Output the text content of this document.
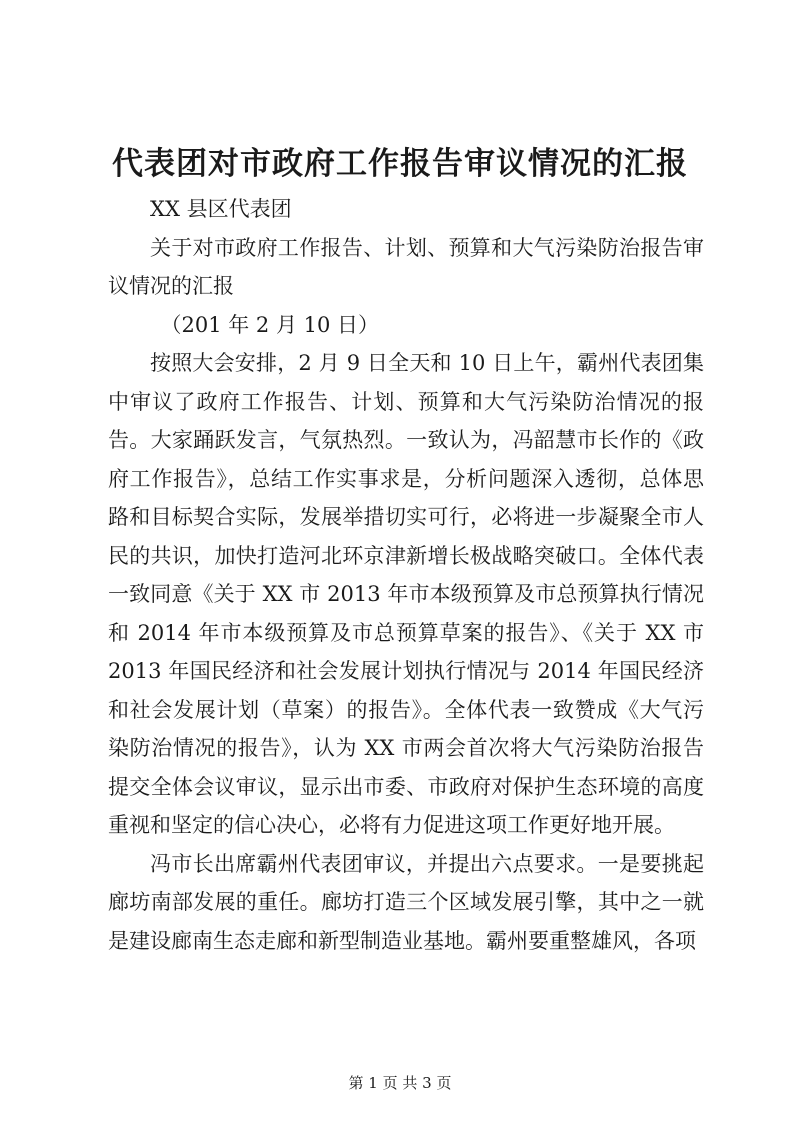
代表团对市政府工作报告审议情况的汇报

XX 县区代表团

关于对市政府工作报告、计划、预算和大气污染防治报告审议情况的汇报

（201 年 2 月 10 日）

按照大会安排，2 月 9 日全天和 10 日上午，霸州代表团集中审议了政府工作报告、计划、预算和大气污染防治情况的报告。大家踊跃发言，气氛热烈。一致认为，冯韶慧市长作的《政府工作报告》，总结工作实事求是，分析问题深入透彻，总体思路和目标契合实际，发展举措切实可行，必将进一步凝聚全市人民的共识，加快打造河北环京津新增长极战略突破口。全体代表一致同意《关于 XX 市 2013 年市本级预算及市总预算执行情况和 2014 年市本级预算及市总预算草案的报告》、《关于 XX 市 2013 年国民经济和社会发展计划执行情况与 2014 年国民经济和社会发展计划（草案）的报告》。全体代表一致赞成《大气污染防治情况的报告》，认为 XX 市两会首次将大气污染防治报告提交全体会议审议，显示出市委、市政府对保护生态环境的高度重视和坚定的信心决心，必将有力促进这项工作更好地开展。

冯市长出席霸州代表团审议，并提出六点要求。一是要挑起廊坊南部发展的重任。廊坊打造三个区域发展引擎，其中之一就是建设廊南生态走廊和新型制造业基地。霸州要重整雄风，各项

第 1 页 共 3 页
